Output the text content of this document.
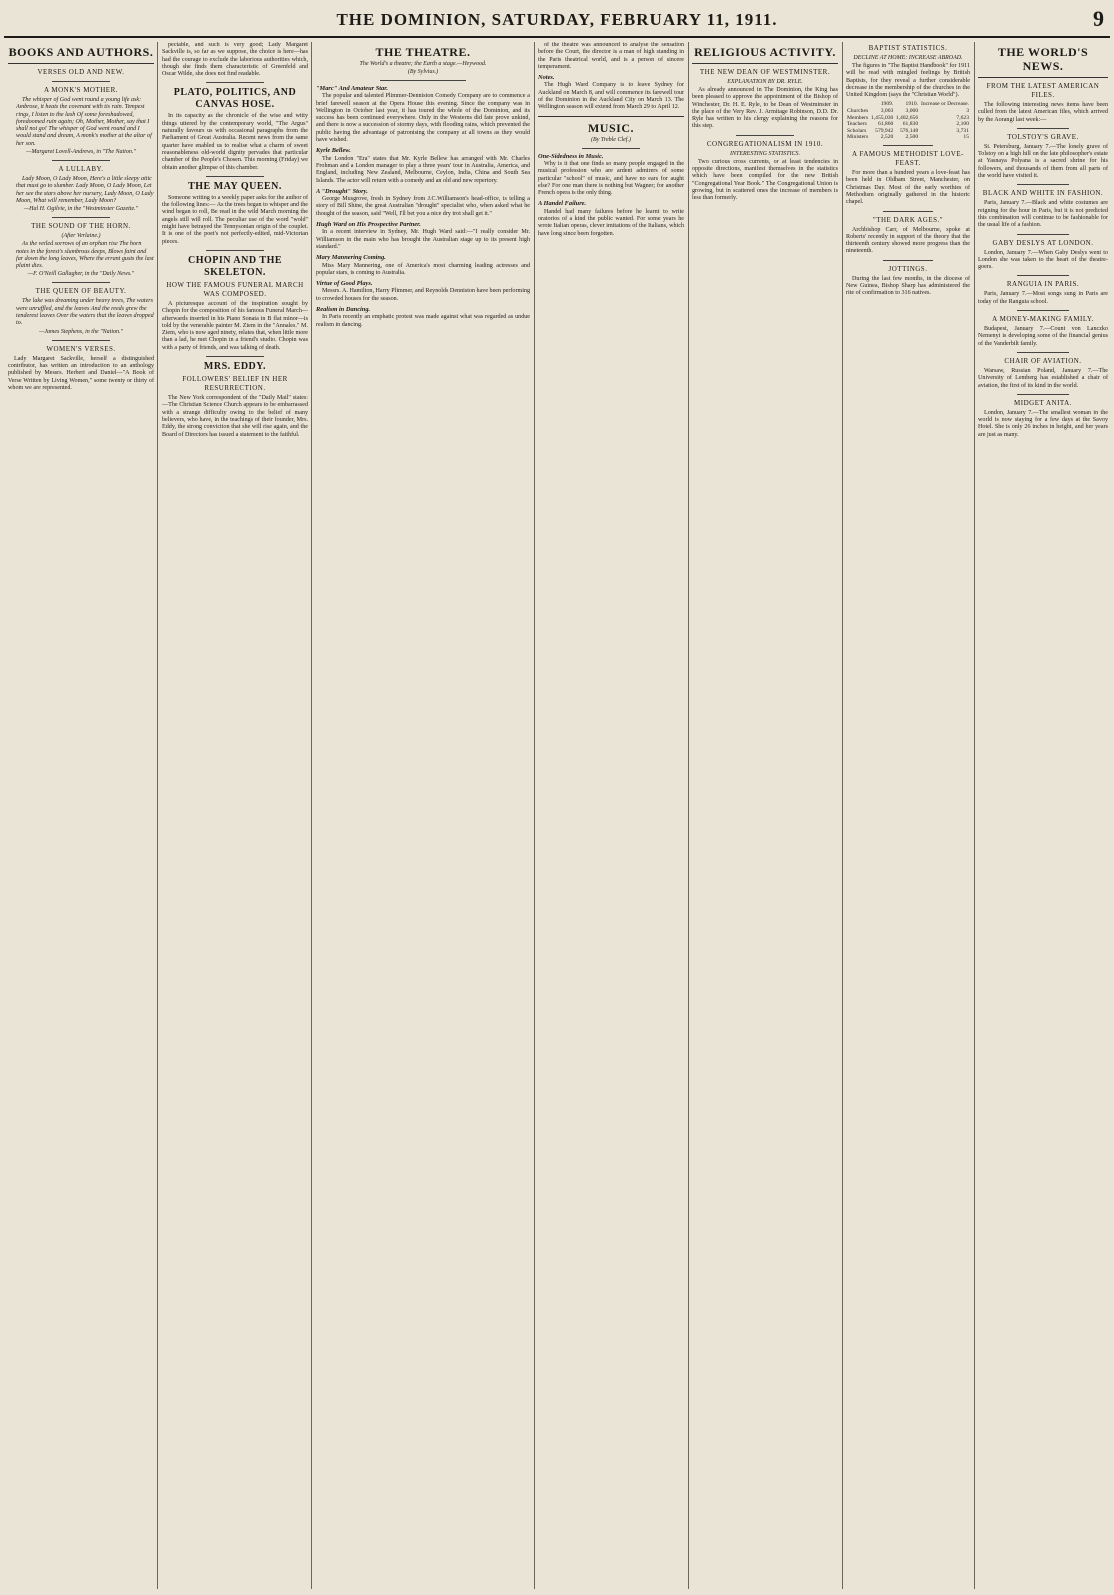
THE DOMINION, SATURDAY, FEBRUARY 11, 1911.	9
BOOKS AND AUTHORS.
VERSES OLD AND NEW.
A MONK'S MOTHER.
The whisper of God went round a young life ask: Ambrose, it heats the covenant with tis rain. Tempest rings, I listen to the lash Of some foreshadowed, foredoomed ruin again; Oh, Mother, Mother, say that I shall not go! The whisper of God went round and I would stand and dream, A monk's mother at the altar of her son.
—Margaret Lovell-Andrews, in "The Nation."
A LULLABY.
Lady Moon, O Lady Moon, Here's a little sleepy attic that must go to slumber. Lady Moon, O Lady Moon, Let her see the stars above her nursery, Lady Moon, O Lady Moon, What will remember, Lady Moon?
—Hal H. Ogilvie, in the "Westminster Gazette."
THE SOUND OF THE HORN.
(After Verlaine.)
As the veiled sorrows of an orphan rise The horn notes in the forest's slumbrous deeps, Blows faint and far down the long leaves, Where the errant gusts the last plaint dies.
—F. O'Neill Gallagher, in the "Daily News."
THE QUEEN OF BEAUTY.
The lake was dreaming under heavy trees, The waters were unruffled, and the leaves And the reeds grew the tenderest leaves Over the waters that the leaves dropped to.
—James Stephens, in the "Nation."
WOMEN'S VERSES.
Lady Margaret Sackville, herself a distinguished contributor, has written an introduction to an anthology published by Messrs. Herbert and Daniel—"A Book of Verse Written by Living Women," some twenty or thirty of whom we are represented.
pectable, and such is very good; Lady Margaret Sackville is, so far as we suppose, the choice is here—has had the courage to exclude the laborious authorities which, though she finds them characteristic of Greenfeld and Oscar Wilde, she does not find readable.
PLATO, POLITICS, AND CANVAS HOSE.
In its capacity as the chronicle of the wise and witty things uttered by the contemporary world, "The Argus" naturally favours us with occasional paragraphs from the Parliament of Great Australia. Recent news from the same quarter have enabled us to realise what a charm of sweet reasonableness old-world dignity pervades that particular chamber of the People's Chosen. This morning (Friday) we obtain another glimpse of this chamber.
THE MAY QUEEN.
Someone writing to a weekly paper asks for the author of the following lines:— As the trees began to whisper and the wind began to roll, Be read in the wild March morning the angels still will roll. The peculiar use of the word "wold" might have betrayed the Tennysonian origin of the couplet. It is one of the poet's not perfectly-edited, mid-Victorian pieces.
CHOPIN AND THE SKELETON.
HOW THE FAMOUS FUNERAL MARCH WAS COMPOSED.
A picturesque account of the inspiration sought by Chopin for the composition of his famous Funeral March—afterwards inserted in his Piano Sonata in B flat minor—is told by the venerable painter M. Ziem in the "Annales." M. Ziem, who is now aged ninety, relates that, when little more than a lad, he met Chopin in a friend's studio. Chopin was with a party of friends, and was talking of death.
MRS. EDDY.
FOLLOWERS' BELIEF IN HER RESURRECTION.
The New York correspondent of the "Daily Mail" states:—The Christian Science Church appears to be embarrassed with a strange difficulty owing to the belief of many believers, who have, in the teachings of their founder, Mrs. Eddy, the strong conviction that she will rise again, and the Board of Directors has issued a statement to the faithful.
THE THEATRE.
The World's a theatre; the Earth a stage.—Heywood.
(By Sylvius.)
"Marc" And Amateur Star.
The popular and talented Plimmer-Denniston Comedy Company are to commence a brief farewell season at the Opera House this evening. Since the company was in Wellington in October last year, it has toured the whole of the Dominion, and its success has been continued everywhere. Only in the Westerns did fate prove unkind, and there is now a succession of stormy days, with flooding rains, which prevented the public having the advantage of patronising the company at all towns as they would have wished.
Kyrle Bellew.
The London "Era" states that Mr. Kyrle Bellew has arranged with Mr. Charles Frohman and a London manager to play a three years' tour in Australia, America, and England, including New Zealand, Melbourne, Ceylon, India, China and South Sea Islands. The actor will return with a comedy and an old and new repertory.
A "Drought" Story.
George Musgrove, fresh in Sydney from J.C.Williamson's head-office, is telling a story of Bill Shine, the great Australian "drought" specialist who, when asked what he thought of the season, said "Well, I'll bet you a nice dry trot shall get it."
Hugh Ward on His Prospective Partner.
In a recent interview in Sydney, Mr. Hugh Ward said:—"I really consider Mr. Williamson in the main who has brought the Australian stage up to its present high standard."
Mary Mannering Coming.
Miss Mary Mannering, one of America's most charming leading actresses and popular stars, is coming to Australia.
Virtue of Good Plays.
Messrs. A. Hamilton, Harry Plimmer, and Reynolds Denniston have been performing to crowded houses for the season.
Realism in Dancing.
In Paris recently an emphatic protest was made against what was regarded as undue realism in dancing.
of the theatre was announced to analyse the sensation before the Court, the director is a man of high standing in the Paris theatrical world, and is a person of sincere temperament.
Notes.
The Hugh Ward Company is to leave Sydney for Auckland on March 8, and will commence its farewell tour of the Dominion in the Auckland City on March 13. The Wellington season will extend from March 29 to April 12.
MUSIC.
(By Treble Clef.)
One-Sidedness in Music.
Why is it that one finds so many people engaged in the musical profession who are ardent admirers of some particular "school" of music, and have no ears for aught else? For one man there is nothing but Wagner; for another French opera is the only thing.
A Handel Failure.
Handel had many failures before he learnt to write oratorios of a kind the public wanted. For some years he wrote Italian operas, clever imitations of the Italians, which have long since been forgotten.
RELIGIOUS ACTIVITY.
THE NEW DEAN OF WESTMINSTER.
EXPLANATION BY DR. RYLE.
As already announced in The Dominion, the King has been pleased to approve the appointment of the Bishop of Winchester, Dr. H. E. Ryle, to be Dean of Westminster in the place of the Very Rev. J. Armitage Robinson, D.D. Dr. Ryle has written to his clergy explaining the reasons for this step.
CONGREGATIONALISM IN 1910.
INTERESTING STATISTICS.
Two curious cross currents, or at least tendencies in opposite directions, manifest themselves in the statistics which have been compiled for the new British "Congregational Year Book." The Congregational Union is growing, but in scattered ones the increase of members is less than formerly.
BAPTIST STATISTICS.
DECLINE AT HOME: INCREASE ABROAD.
The figures in "The Baptist Handbook" for 1911 will be read with mingled feelings by British Baptists, for they reveal a further considerable decrease in the membership of the churches in the United Kingdom (says the "Christian World").
	1909.	1910.	Increase or Decrease.
Churches	3,003	3,000	3
Members	1,455,030	1,402,656	7,623
Teachers	61,860	61,830	2,100
Scholars	579,942	576,148	3,731
Ministers	2,520	2,500	15
A FAMOUS METHODIST LOVE-FEAST.
For more than a hundred years a love-feast has been held in Oldham Street, Manchester, on Christmas Day. Most of the early worthies of Methodism originally gathered in the historic chapel.
"THE DARK AGES."
Archbishop Carr, of Melbourne, spoke at Roberts' recently in support of the theory that the thirteenth century showed more progress than the nineteenth.
JOTTINGS.
During the last few months, in the diocese of New Guinea, Bishop Sharp has administered the rite of confirmation to 316 natives.
THE WORLD'S NEWS.
FROM THE LATEST AMERICAN FILES.
The following interesting news items have been culled from the latest American files, which arrived by the Aorangi last week:—
TOLSTOY'S GRAVE.
St. Petersburg, January 7.—The lonely grave of Tolstoy on a high hill on the late philosopher's estate at Yasnaya Polyana is a sacred shrine for his followers, and thousands of them from all parts of the world have visited it.
BLACK AND WHITE IN FASHION.
Paris, January 7.—Black and white costumes are reigning for the hour in Paris, but it is not predicted this combination will continue to be fashionable for the usual life of a fashion.
GABY DESLYS AT LONDON.
London, January 7.—When Gaby Deslys went to London she was taken to the heart of the theatre-goers.
RANGUIA IN PARIS.
Paris, January 7.—Most songs sung in Paris are today of the Ranguia school.
A MONEY-MAKING FAMILY.
Budapest, January 7.—Count von Lanczko Nemenyi is developing some of the financial genius of the Vanderbilt family.
CHAIR OF AVIATION.
Warsaw, Russian Poland, January 7.—The University of Lemberg has established a chair of aviation, the first of its kind in the world.
MIDGET ANITA.
London, January 7.—The smallest woman in the world is now staying for a few days at the Savoy Hotel. She is only 26 inches in height, and her years are just as many.
